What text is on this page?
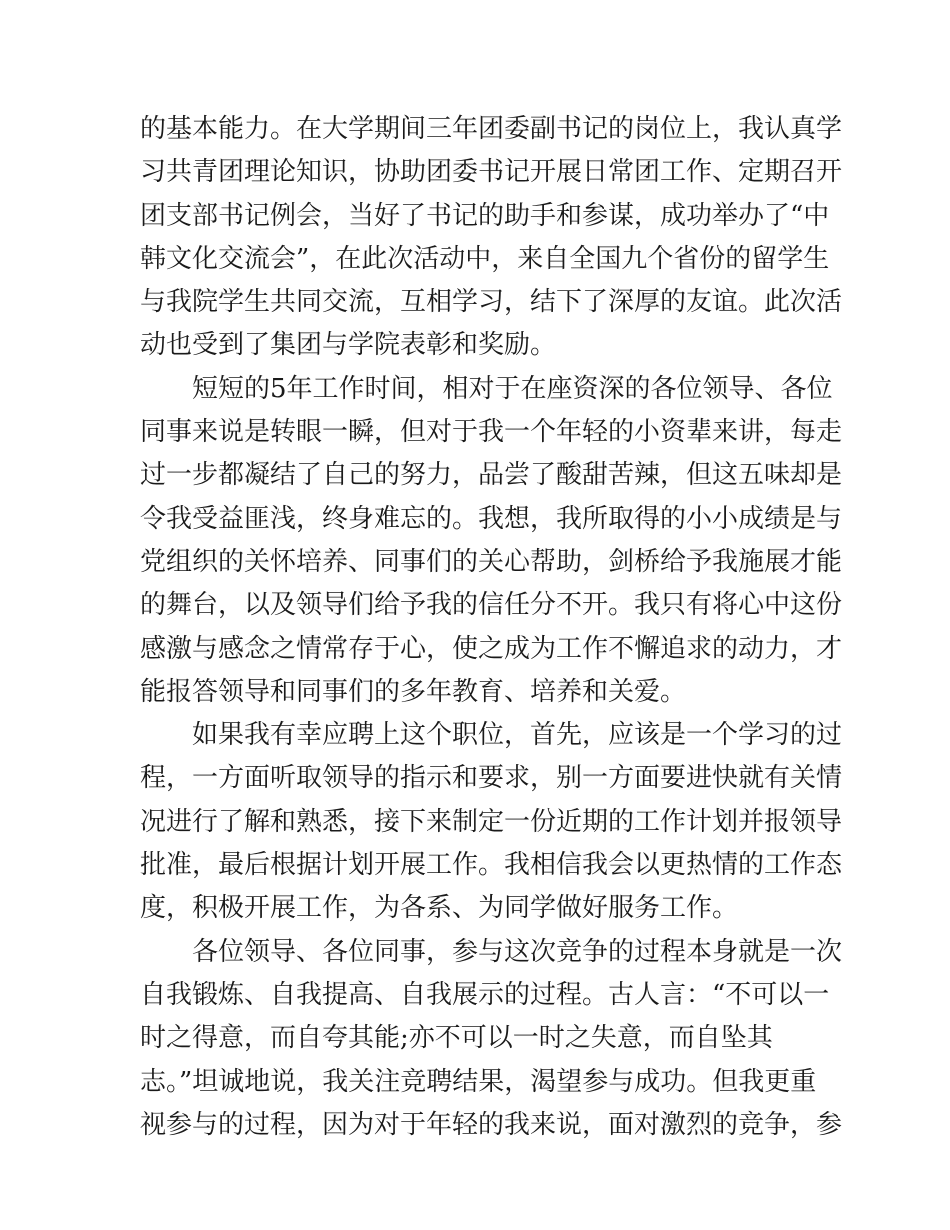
的基本能力。在大学期间三年团委副书记的岗位上，我认真学
习共青团理论知识，协助团委书记开展日常团工作、定期召开
团支部书记例会，当好了书记的助手和参谋，成功举办了“中
韩文化交流会”，在此次活动中，来自全国九个省份的留学生
与我院学生共同交流，互相学习，结下了深厚的友谊。此次活
动也受到了集团与学院表彰和奖励。
短短的5年工作时间，相对于在座资深的各位领导、各位
同事来说是转眼一瞬，但对于我一个年轻的小资辈来讲，每走
过一步都凝结了自己的努力，品尝了酸甜苦辣，但这五味却是
令我受益匪浅，终身难忘的。我想，我所取得的小小成绩是与
党组织的关怀培养、同事们的关心帮助，剑桥给予我施展才能
的舞台，以及领导们给予我的信任分不开。我只有将心中这份
感激与感念之情常存于心，使之成为工作不懈追求的动力，才
能报答领导和同事们的多年教育、培养和关爱。
如果我有幸应聘上这个职位，首先，应该是一个学习的过
程，一方面听取领导的指示和要求，别一方面要进快就有关情
况进行了解和熟悉，接下来制定一份近期的工作计划并报领导
批准，最后根据计划开展工作。我相信我会以更热情的工作态
度，积极开展工作，为各系、为同学做好服务工作。
各位领导、各位同事，参与这次竞争的过程本身就是一次
自我锻炼、自我提高、自我展示的过程。古人言：“不可以一
时之得意，而自夸其能;亦不可以一时之失意，而自坠其
志。”坦诚地说，我关注竞聘结果，渴望参与成功。但我更重
视参与的过程，因为对于年轻的我来说，面对激烈的竞争，参
